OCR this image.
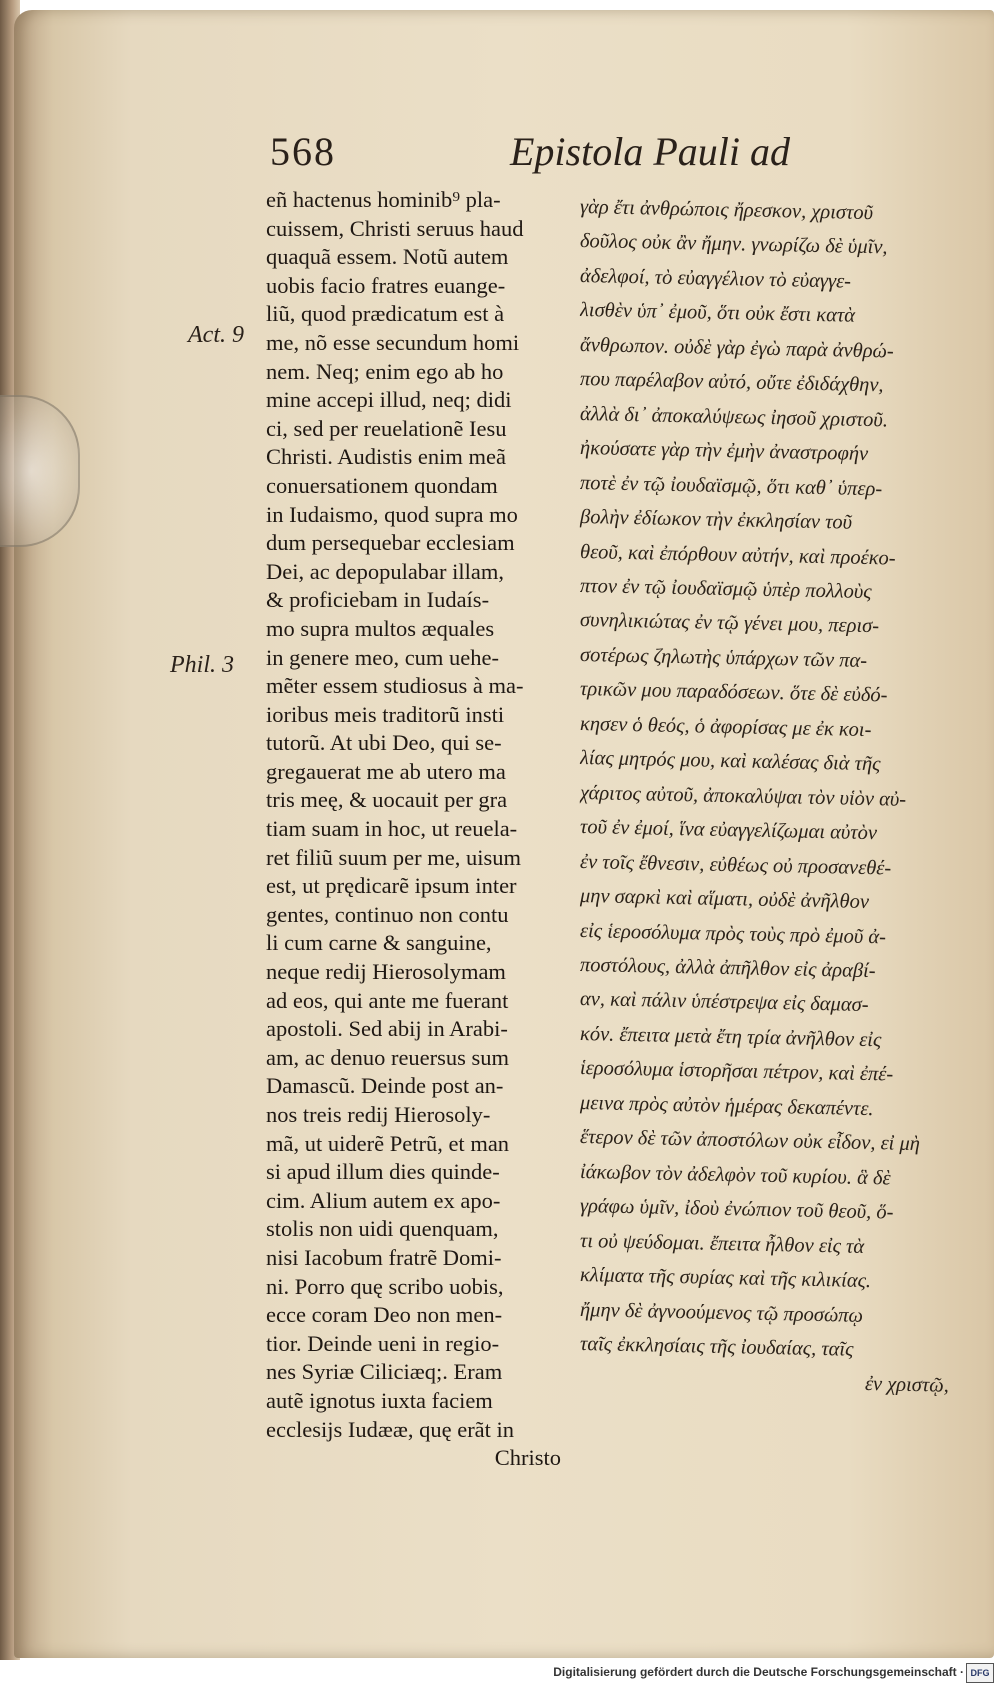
568	Epistola Pauli ad
Act. 9
Phil. 3
eñ hactenus hominib⁹ pla-
cuissem, Christi seruus haud
quaquã essem. Notũ autem
uobis facio fratres euange-
liũ, quod prædicatum est à
me, nõ esse secundum homi
nem. Neq; enim ego ab ho
mine accepi illud, neq; didi
ci, sed per reuelationẽ Iesu
Christi. Audistis enim meã
conuersationem quondam
in Iudaismo, quod supra mo
dum persequebar ecclesiam
Dei, ac depopulabar illam,
& proficiebam in Iudaís-
mo supra multos æquales
in genere meo, cum uehe-
mẽter essem studiosus à ma-
ioribus meis traditorũ insti
tutorũ. At ubi Deo, qui se-
gregauerat me ab utero ma
tris meę, & uocauit per gra
tiam suam in hoc, ut reuela-
ret filiũ suum per me, uisum
est, ut prędicarẽ ipsum inter
gentes, continuo non contu
li cum carne & sanguine,
neque redij Hierosolymam
ad eos, qui ante me fuerant
apostoli. Sed abij in Arabi-
am, ac denuo reuersus sum
Damascũ. Deinde post an-
nos treis redij Hierosoly-
mã, ut uiderẽ Petrũ, et man
si apud illum dies quinde-
cim. Alium autem ex apo-
stolis non uidi quenquam,
nisi Iacobum fratrẽ Domi-
ni. Porro quę scribo uobis,
ecce coram Deo non men-
tior. Deinde ueni in regio-
nes Syriæ Ciliciæq;. Eram
autẽ ignotus iuxta faciem
ecclesijs Iudææ, quę erãt in
Christo
γὰρ ἔτι ἀνθρώποις ἤρεσκον, χριστοῦ
δοῦλος οὐκ ἂν ἤμην. γνωρίζω δὲ ὑμῖν,
ἀδελφοί, τὸ εὐαγγέλιον τὸ εὐαγγε-
λισθὲν ὑπ᾽ ἐμοῦ, ὅτι οὐκ ἔστι κατὰ
ἄνθρωπον. οὐδὲ γὰρ ἐγὼ παρὰ ἀνθρώ-
που παρέλαβον αὐτό, οὔτε ἐδιδάχθην,
ἀλλὰ δι᾽ ἀποκαλύψεως ἰησοῦ χριστοῦ.
ἠκούσατε γὰρ τὴν ἐμὴν ἀναστροφήν
ποτὲ ἐν τῷ ἰουδαϊσμῷ, ὅτι καθ᾽ ὑπερ-
βολὴν ἐδίωκον τὴν ἐκκλησίαν τοῦ
θεοῦ, καὶ ἐπόρθουν αὐτήν, καὶ προέκο-
πτον ἐν τῷ ἰουδαϊσμῷ ὑπὲρ πολλοὺς
συνηλικιώτας ἐν τῷ γένει μου, περισ-
σοτέρως ζηλωτὴς ὑπάρχων τῶν πα-
τρικῶν μου παραδόσεων. ὅτε δὲ εὐδό-
κησεν ὁ θεός, ὁ ἀφορίσας με ἐκ κοι-
λίας μητρός μου, καὶ καλέσας διὰ τῆς
χάριτος αὐτοῦ, ἀποκαλύψαι τὸν υἱὸν αὐ-
τοῦ ἐν ἐμοί, ἵνα εὐαγγελίζωμαι αὐτὸν
ἐν τοῖς ἔθνεσιν, εὐθέως οὐ προσανεθέ-
μην σαρκὶ καὶ αἵματι, οὐδὲ ἀνῆλθον
εἰς ἱεροσόλυμα πρὸς τοὺς πρὸ ἐμοῦ ἀ-
ποστόλους, ἀλλὰ ἀπῆλθον εἰς ἀραβί-
αν, καὶ πάλιν ὑπέστρεψα εἰς δαμασ-
κόν. ἔπειτα μετὰ ἔτη τρία ἀνῆλθον εἰς
ἱεροσόλυμα ἱστορῆσαι πέτρον, καὶ ἐπέ-
μεινα πρὸς αὐτὸν ἡμέρας δεκαπέντε.
ἕτερον δὲ τῶν ἀποστόλων οὐκ εἶδον, εἰ μὴ
ἰάκωβον τὸν ἀδελφὸν τοῦ κυρίου. ἃ δὲ
γράφω ὑμῖν, ἰδοὺ ἐνώπιον τοῦ θεοῦ, ὅ-
τι οὐ ψεύδομαι. ἔπειτα ἦλθον εἰς τὰ
κλίματα τῆς συρίας καὶ τῆς κιλικίας.
ἤμην δὲ ἀγνοούμενος τῷ προσώπῳ
ταῖς ἐκκλησίαις τῆς ἰουδαίας, ταῖς
ἐν χριστῷ,
Digitalisierung gefördert durch die Deutsche Forschungsgemeinschaft · DFG
